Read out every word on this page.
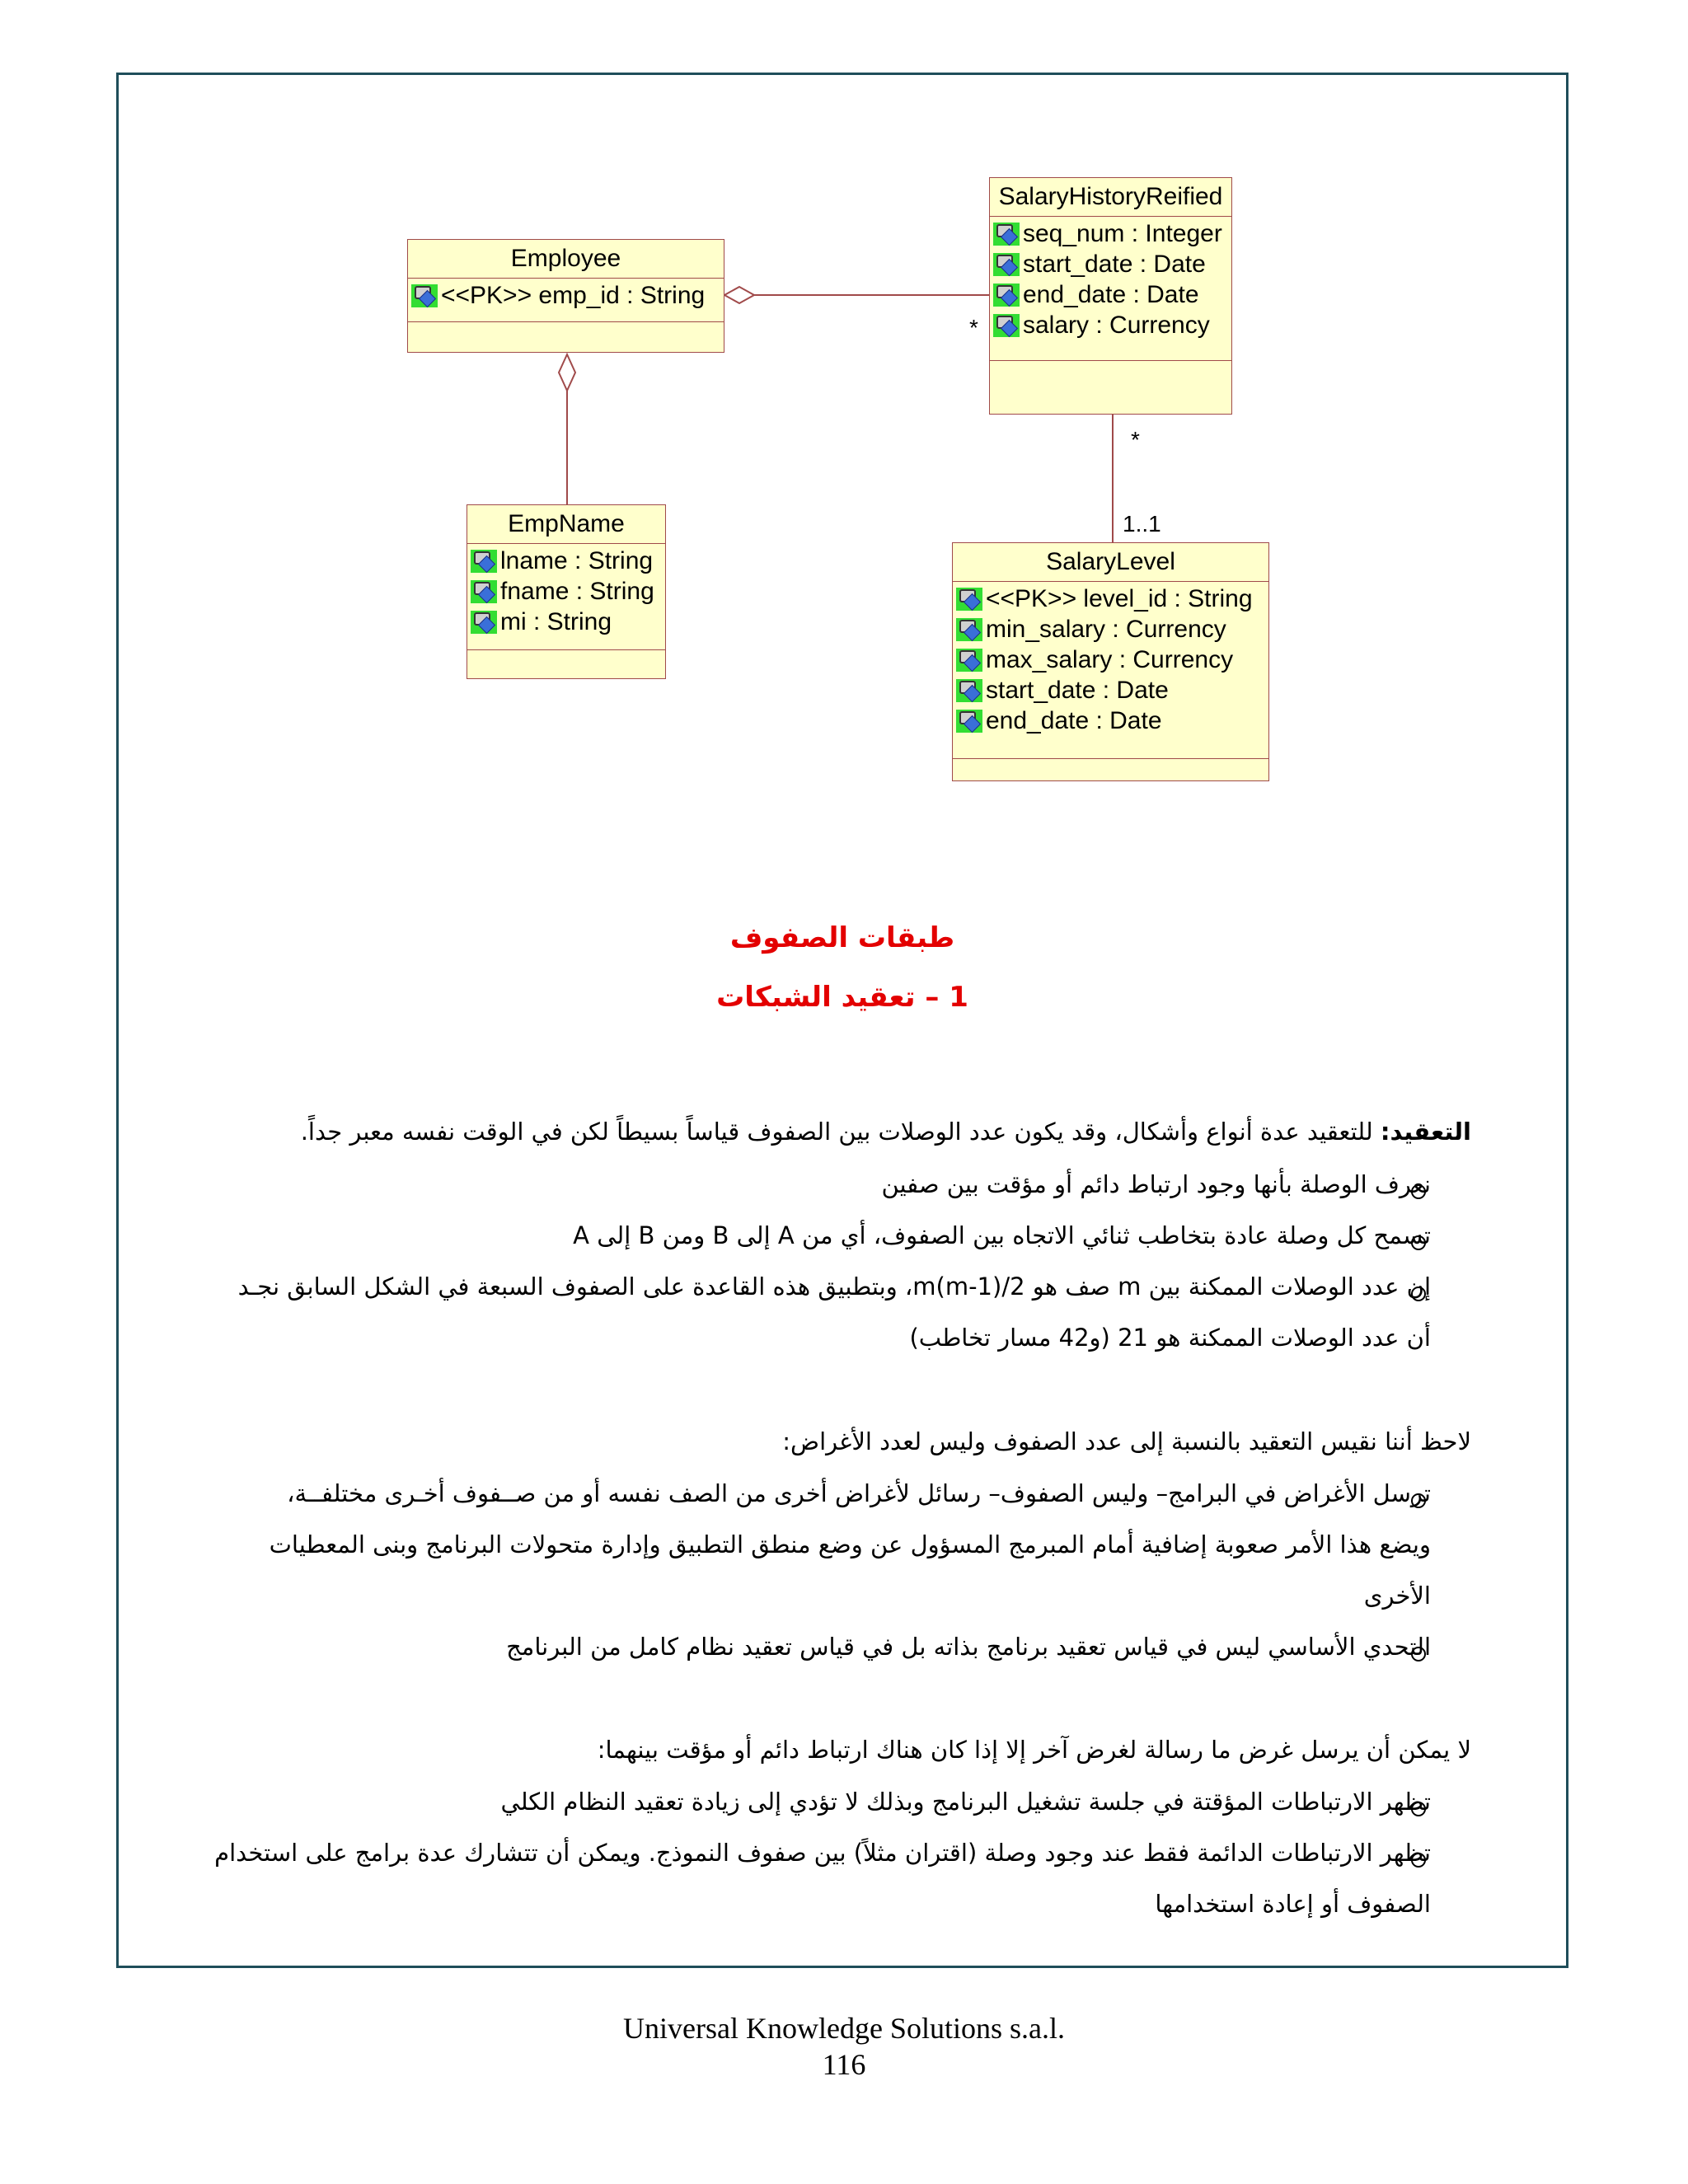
Employee
<<PK>> emp_id : String
EmpName
lname : String
fname : String
mi : String
SalaryHistoryReified
seq_num : Integer
start_date : Date
end_date : Date
salary : Currency
SalaryLevel
<<PK>> level_id : String
min_salary : Currency
max_salary : Currency
start_date : Date
end_date : Date
*
*
1..1
طبقات الصفوف
1 – تعقيد الشبكات
التعقيد: للتعقيد عدة أنواع وأشكال، وقد يكون عدد الوصلات بين الصفوف قياساً بسيطاً لكن في الوقت نفسه معبر جداً.
نعرف الوصلة بأنها وجود ارتباط دائم أو مؤقت بين صفين
تسمح كل وصلة عادة بتخاطب ثنائي الاتجاه بين الصفوف، أي من A إلى B ومن B إلى A
إن عدد الوصلات الممكنة بين m صف هو m(m-1)/2، وبتطبيق هذه القاعدة على الصفوف السبعة في الشكل السابق نجـد
أن عدد الوصلات الممكنة هو 21 (و42 مسار تخاطب)
لاحظ أننا نقيس التعقيد بالنسبة إلى عدد الصفوف وليس لعدد الأغراض:
ترسل الأغراض في البرامج– وليس الصفوف– رسائل لأغراض أخرى من الصف نفسه أو من صــفوف أخـرى مختلفــة،
ويضع هذا الأمر صعوبة إضافية أمام المبرمج المسؤول عن وضع منطق التطبيق وإدارة متحولات البرنامج وبنى المعطيات
الأخرى
التحدي الأساسي ليس في قياس تعقيد برنامج بذاته بل في قياس تعقيد نظام كامل من البرنامج
لا يمكن أن يرسل غرض ما رسالة لغرض آخر إلا إذا كان هناك ارتباط دائم أو مؤقت بينهما:
تظهر الارتباطات المؤقتة في جلسة تشغيل البرنامج وبذلك لا تؤدي إلى زيادة تعقيد النظام الكلي
تظهر الارتباطات الدائمة فقط عند وجود وصلة (اقتران مثلاً) بين صفوف النموذج. ويمكن أن تتشارك عدة برامج على استخدام
الصفوف أو إعادة استخدامها
Universal Knowledge Solutions s.a.l.
116
